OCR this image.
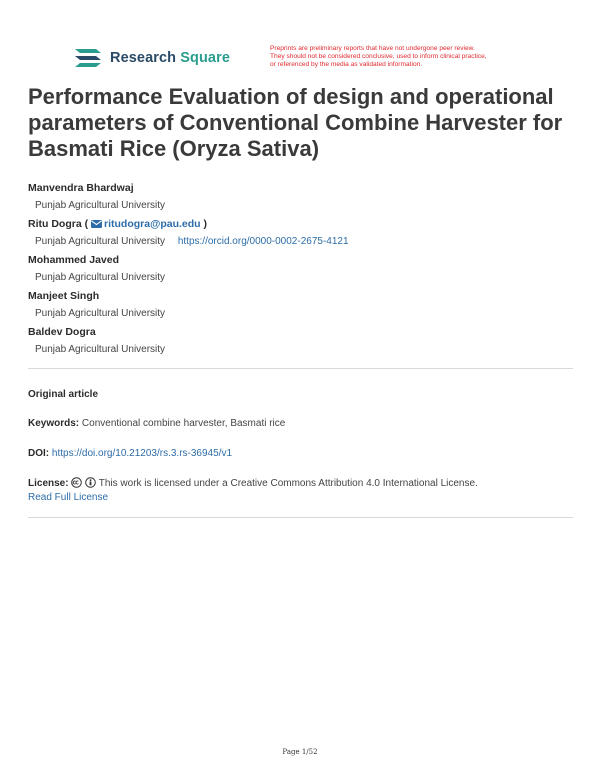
Research Square
Preprints are preliminary reports that have not undergone peer review.
They should not be considered conclusive, used to inform clinical practice,
or referenced by the media as validated information.
Performance Evaluation of design and operational parameters of Conventional Combine Harvester for Basmati Rice (Oryza Sativa)
Manvendra Bhardwaj
Punjab Agricultural University
Ritu Dogra ( ritudogra@pau.edu )
Punjab Agricultural University https://orcid.org/0000-0002-2675-4121
Mohammed Javed
Punjab Agricultural University
Manjeet Singh
Punjab Agricultural University
Baldev Dogra
Punjab Agricultural University
Original article
Keywords: Conventional combine harvester, Basmati rice
DOI: https://doi.org/10.21203/rs.3.rs-36945/v1
License:	This work is licensed under a Creative Commons Attribution 4.0 International License.
Read Full License
Page 1/52
